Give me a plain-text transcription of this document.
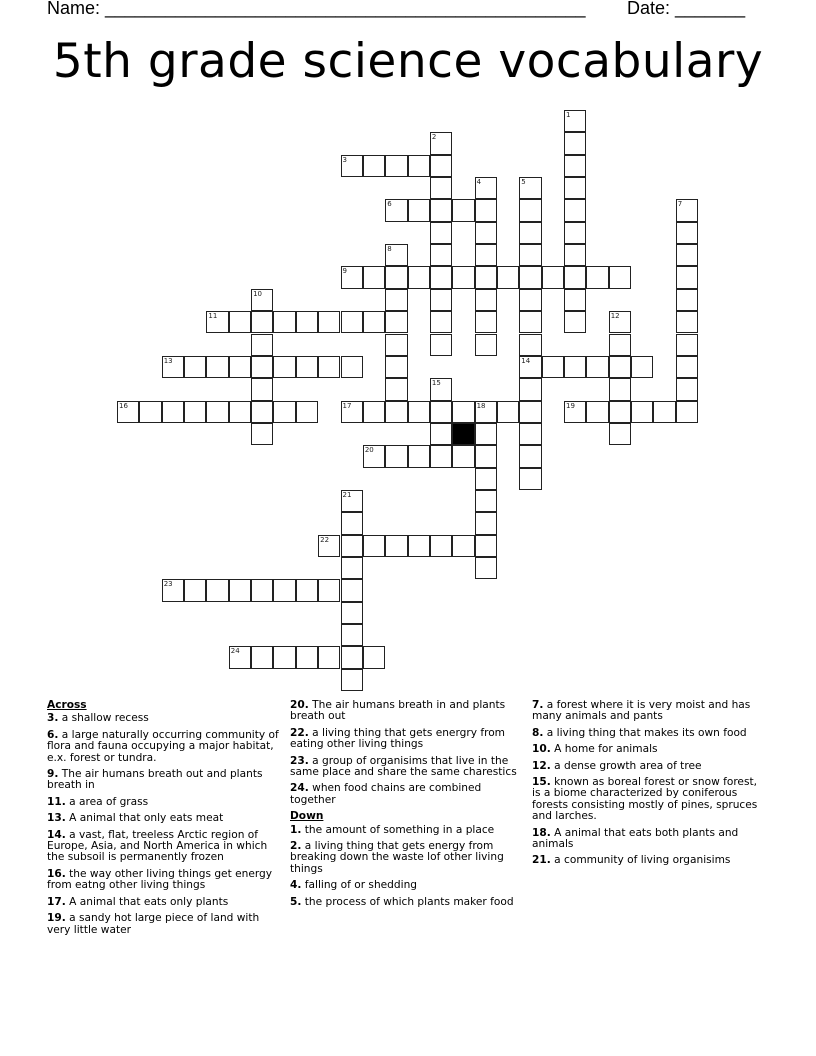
Name: ________________________________________________ Date: _______
5th grade science vocabulary
3
6
9
11
13	14
16	17	18	19
20
22
23
24
1
2
4	5
7
8
10
12
15
21
Across
3. a shallow recess
6. a large naturally occurring community of flora and fauna occupying a major habitat, e.x. forest or tundra.
9. The air humans breath out and plants breath in
11. a area of grass
13. A animal that only eats meat
14. a vast, flat, treeless Arctic region of Europe, Asia, and North America in which the subsoil is permanently frozen
16. the way other living things get energy from eatng other living things
17. A animal that eats only plants
19. a sandy hot large piece of land with very little water
20. The air humans breath in and plants breath out
22. a living thing that gets energry from eating other living things
23. a group of organisims that live in the same place and share the same charestics
24. when food chains are combined together
Down
1. the amount of something in a place
2. a living thing that gets energy from breaking down the waste lof other living things
4. falling of or shedding
5. the process of which plants maker food
7. a forest where it is very moist and has many animals and pants
8. a living thing that makes its own food
10. A home for animals
12. a dense growth area of tree
15. known as boreal forest or snow forest, is a biome characterized by coniferous forests consisting mostly of pines, spruces and larches.
18. A animal that eats both plants and animals
21. a community of living organisims
